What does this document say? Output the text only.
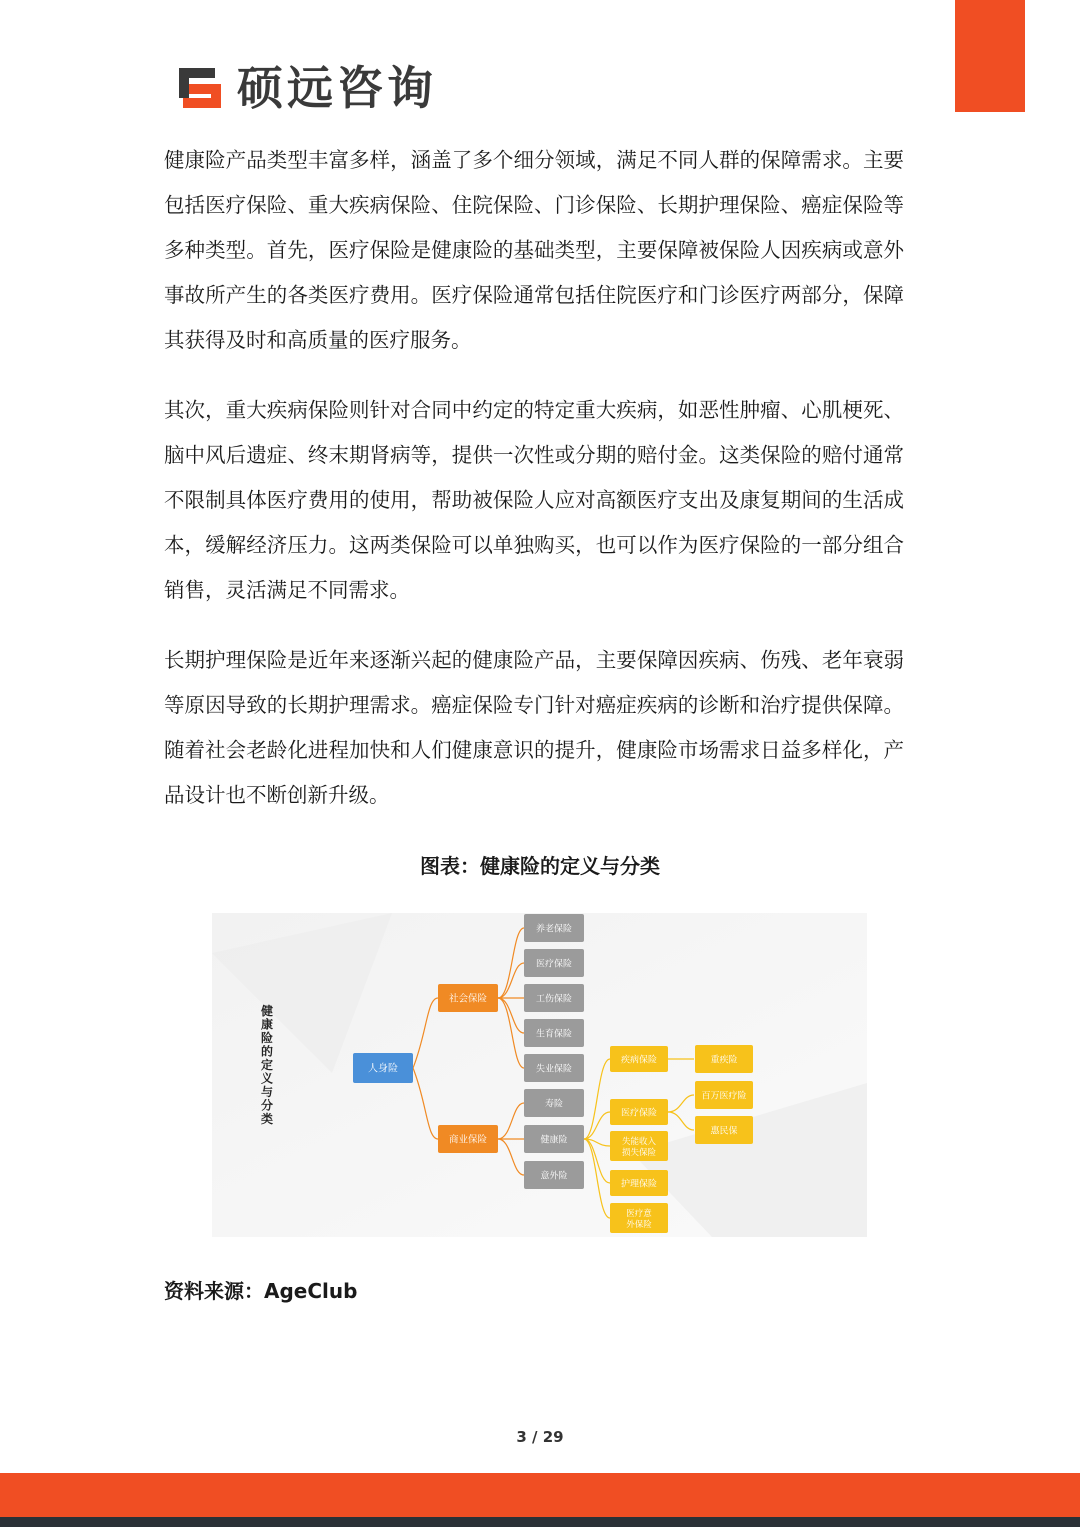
硕远咨询

健康险产品类型丰富多样，涵盖了多个细分领域，满足不同人群的保障需求。主要包括医疗保险、重大疾病保险、住院保险、门诊保险、长期护理保险、癌症保险等多种类型。首先，医疗保险是健康险的基础类型，主要保障被保险人因疾病或意外事故所产生的各类医疗费用。医疗保险通常包括住院医疗和门诊医疗两部分，保障其获得及时和高质量的医疗服务。

其次，重大疾病保险则针对合同中约定的特定重大疾病，如恶性肿瘤、心肌梗死、脑中风后遗症、终末期肾病等，提供一次性或分期的赔付金。这类保险的赔付通常不限制具体医疗费用的使用，帮助被保险人应对高额医疗支出及康复期间的生活成本，缓解经济压力。这两类保险可以单独购买，也可以作为医疗保险的一部分组合销售，灵活满足不同需求。

长期护理保险是近年来逐渐兴起的健康险产品，主要保障因疾病、伤残、老年衰弱等原因导致的长期护理需求。癌症保险专门针对癌症疾病的诊断和治疗提供保障。随着社会老龄化进程加快和人们健康意识的提升，健康险市场需求日益多样化，产品设计也不断创新升级。

图表：健康险的定义与分类
健康险的定义与分类
人身险
社会保险
商业保险
养老保险
医疗保险
工伤保险
生育保险
失业保险
寿险
健康险
意外险
疾病保险
医疗保险
失能收入损失保险
护理保险
医疗意外保险
重疾险
百万医疗险
惠民保
资料来源：AgeClub
3 / 29
